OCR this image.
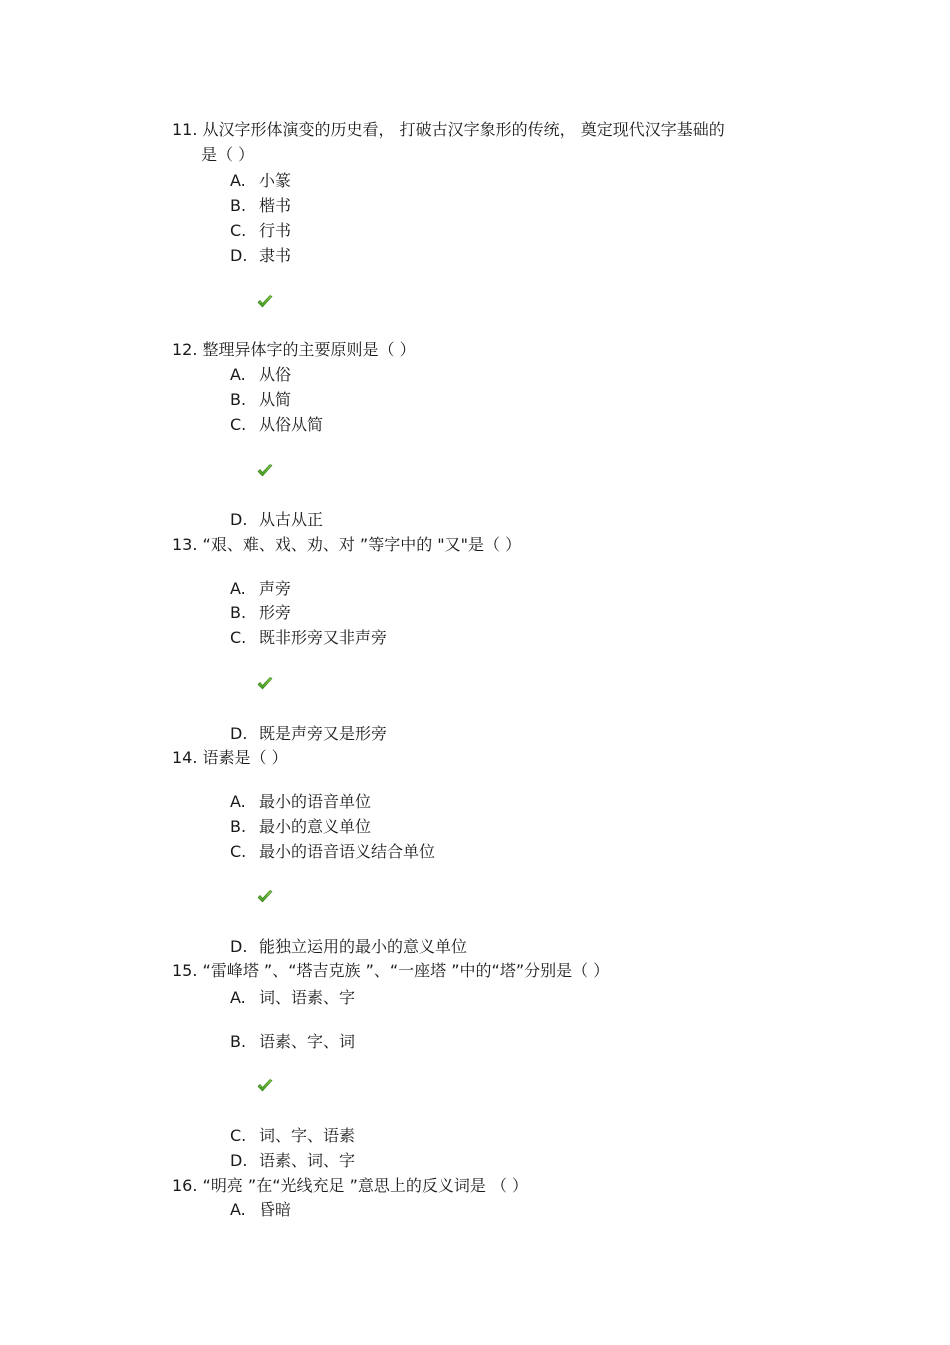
11. 从汉字形体演变的历史看， 打破古汉字象形的传统， 奠定现代汉字基础的
是（ ）
A. 小篆
B. 楷书
C. 行书
D. 隶书
12. 整理异体字的主要原则是（ ）
A. 从俗
B. 从简
C. 从俗从简
D. 从古从正
13. “艰、难、戏、劝、对 ”等字中的 "又"是（ ）
A. 声旁
B. 形旁
C. 既非形旁又非声旁
D. 既是声旁又是形旁
14. 语素是（ ）
A. 最小的语音单位
B. 最小的意义单位
C. 最小的语音语义结合单位
D. 能独立运用的最小的意义单位
15. “雷峰塔 ”、“塔吉克族 ”、“一座塔 ”中的“塔”分别是（ ）
A. 词、语素、字
B. 语素、字、词
C. 词、字、语素
D. 语素、词、字
16. “明亮 ”在“光线充足 ”意思上的反义词是 （ ）
A. 昏暗
